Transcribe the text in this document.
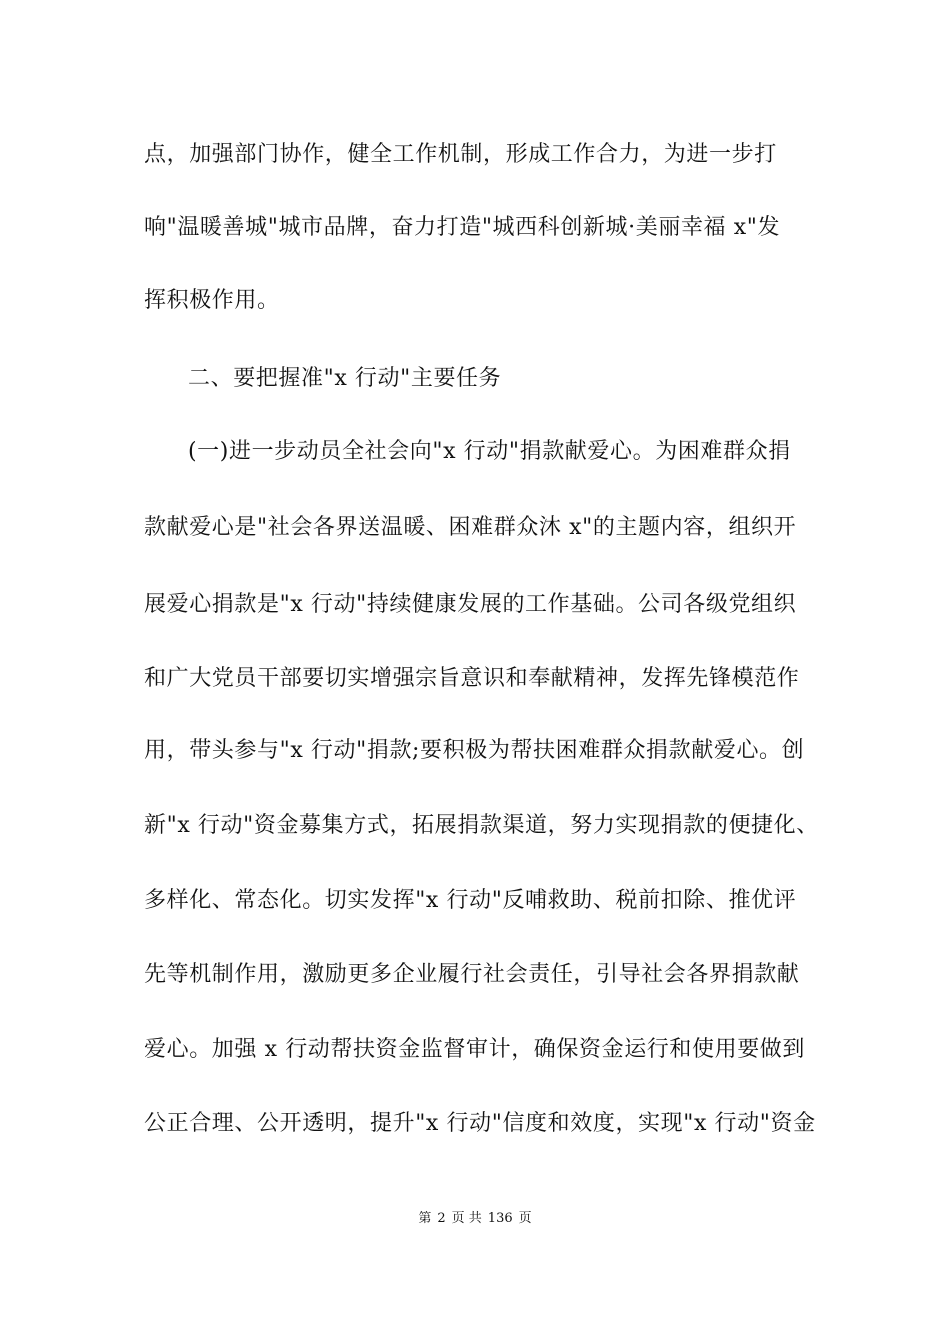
点，加强部门协作，健全工作机制，形成工作合力，为进一步打
响"温暖善城"城市品牌，奋力打造"城西科创新城·美丽幸福 x"发
挥积极作用。
二、要把握准"x 行动"主要任务
(一)进一步动员全社会向"x 行动"捐款献爱心。为困难群众捐
款献爱心是"社会各界送温暖、困难群众沐 x"的主题内容，组织开
展爱心捐款是"x 行动"持续健康发展的工作基础。公司各级党组织
和广大党员干部要切实增强宗旨意识和奉献精神，发挥先锋模范作
用，带头参与"x 行动"捐款;要积极为帮扶困难群众捐款献爱心。创
新"x 行动"资金募集方式，拓展捐款渠道，努力实现捐款的便捷化、
多样化、常态化。切实发挥"x 行动"反哺救助、税前扣除、推优评
先等机制作用，激励更多企业履行社会责任，引导社会各界捐款献
爱心。加强 x 行动帮扶资金监督审计，确保资金运行和使用要做到
公正合理、公开透明，提升"x 行动"信度和效度，实现"x 行动"资金
第 2 页 共 136 页
